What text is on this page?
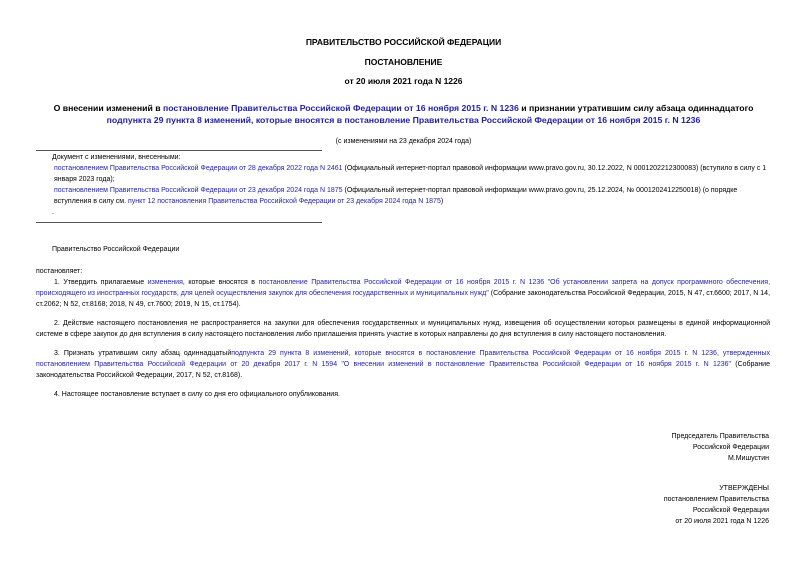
ПРАВИТЕЛЬСТВО РОССИЙСКОЙ ФЕДЕРАЦИИ
ПОСТАНОВЛЕНИЕ
от 20 июля 2021 года N 1226
О внесении изменений в постановление Правительства Российской Федерации от 16 ноября 2015 г. N 1236 и признании утратившим силу абзаца одиннадцатого подпункта 29 пункта 8 изменений, которые вносятся в постановление Правительства Российской Федерации от 16 ноября 2015 г. N 1236
(с изменениями на 23 декабря 2024 года)
Документ с изменениями, внесенными:
постановлением Правительства Российской Федерации от 28 декабря 2022 года N 2461 (Официальный интернет-портал правовой информации www.pravo.gov.ru, 30.12.2022, N 0001202212300083) (вступило в силу с 1 января 2023 года);
постановлением Правительства Российской Федерации от 23 декабря 2024 года N 1875 (Официальный интернет-портал правовой информации www.pravo.gov.ru, 25.12.2024, № 0001202412250018) (о порядке вступления в силу см. пункт 12 постановления Правительства Российской Федерации от 23 декабря 2024 года N 1875)
.
Правительство Российской Федерации
постановляет:
1. Утвердить прилагаемые изменения, которые вносятся в постановление Правительства Российской Федерации от 16 ноября 2015 г. N 1236 "Об установлении запрета на допуск программного обеспечения, происходящего из иностранных государств, для целей осуществления закупок для обеспечения государственных и муниципальных нужд" (Собрание законодательства Российской Федерации, 2015, N 47, ст.6600; 2017, N 14, ст.2062; N 52, ст.8168; 2018, N 49, ст.7600; 2019, N 15, ст.1754).
2. Действие настоящего постановления не распространяется на закупки для обеспечения государственных и муниципальных нужд, извещения об осуществлении которых размещены в единой информационной системе в сфере закупок до дня вступления в силу настоящего постановления либо приглашения принять участие в которых направлены до дня вступления в силу настоящего постановления.
3. Признать утратившим силу абзац одиннадцатыйподпункта 29 пункта 8 изменений, которые вносятся в постановление Правительства Российской Федерации от 16 ноября 2015 г. N 1236, утвержденных постановлением Правительства Российской Федерации от 20 декабря 2017 г. N 1594 "О внесении изменений в постановление Правительства Российской Федерации от 16 ноября 2015 г. N 1236" (Собрание законодательства Российской Федерации, 2017, N 52, ст.8168).
4. Настоящее постановление вступает в силу со дня его официального опубликования.
Председатель Правительства
Российской Федерации
М.Мишустин
УТВЕРЖДЕНЫ
постановлением Правительства
Российской Федерации
от 20 июля 2021 года N 1226
